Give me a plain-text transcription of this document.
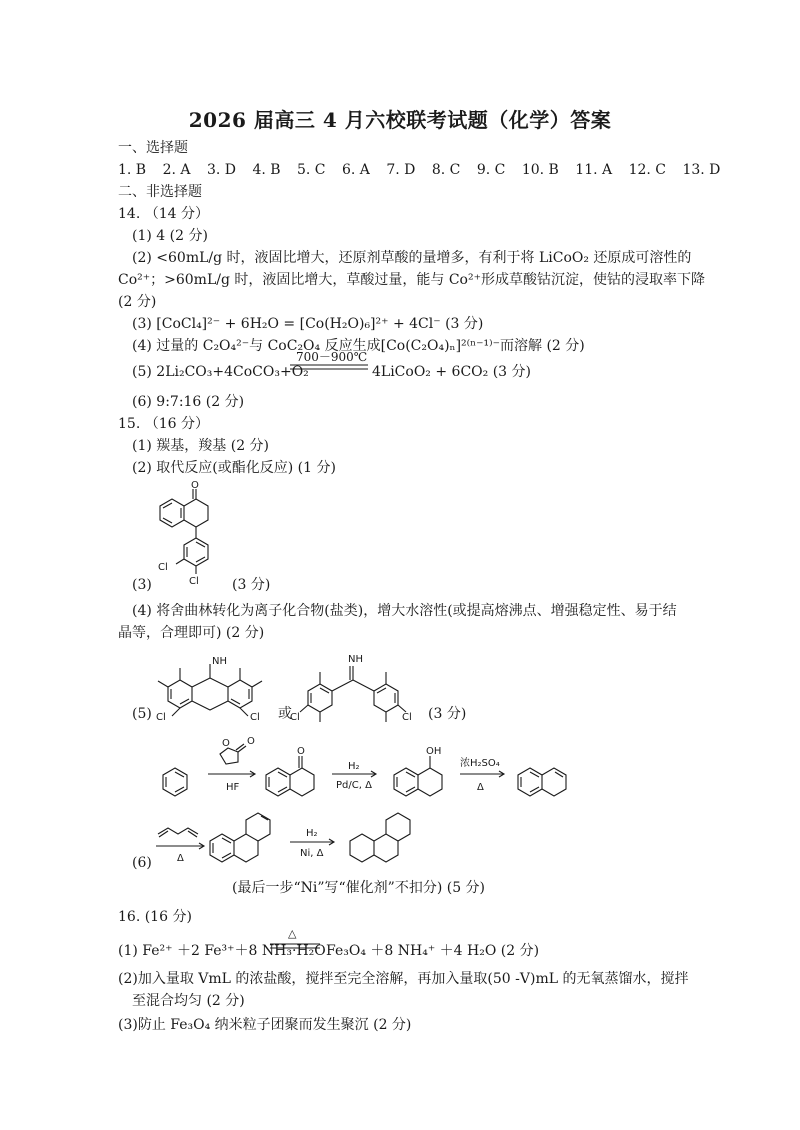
2026 届高三 4 月六校联考试题（化学）答案
一、选择题
1. B 2. A 3. D 4. B 5. C 6. A 7. D 8. C 9. C 10. B 11. A 12. C 13. D
二、非选择题
14. （14 分）
(1) 4 (2 分)
(2) <60mL/g 时，液固比增大，还原剂草酸的量增多，有利于将 LiCoO₂ 还原成可溶性的
Co²⁺；>60mL/g 时，液固比增大，草酸过量，能与 Co²⁺形成草酸钴沉淀，使钴的浸取率下降
(2 分)
(3) [CoCl₄]²⁻ + 6H₂O = [Co(H₂O)₆]²⁺ + 4Cl⁻ (3 分)
(4) 过量的 C₂O₄²⁻与 CoC₂O₄ 反应生成[Co(C₂O₄)ₙ]²⁽ⁿ⁻¹⁾⁻而溶解 (2 分)
(5) 2Li₂CO₃+4CoCO₃+O₂
700－900℃
4LiCoO₂ + 6CO₂ (3 分)
(6) 9:7:16 (2 分)
15. （16 分）
(1) 羰基，羧基 (2 分)
(2) 取代反应(或酯化反应) (1 分)
O
Cl
Cl
(3)	(3 分)
(4) 将舍曲林转化为离子化合物(盐类)，增大水溶性(或提高熔沸点、增强稳定性、易于结
晶等，合理即可) (2 分)
(5)
NH
Cl	Cl 或
NH
Cl	Cl (3 分)
O O
HF
O
H₂
Pd/C, Δ
OH
浓H₂SO₄
Δ
(6)	Δ
H₂
Ni, Δ
(最后一步“Ni”写“催化剂”不扣分) (5 分)
16. (16 分)
(1) Fe²⁺ ＋2 Fe³⁺＋8 NH₃·H₂O
△
Fe₃O₄ ＋8 NH₄⁺ ＋4 H₂O (2 分)
(2)加入量取 VmL 的浓盐酸，搅拌至完全溶解，再加入量取(50 -V)mL 的无氧蒸馏水，搅拌
至混合均匀 (2 分)
(3)防止 Fe₃O₄ 纳米粒子团聚而发生聚沉 (2 分)
